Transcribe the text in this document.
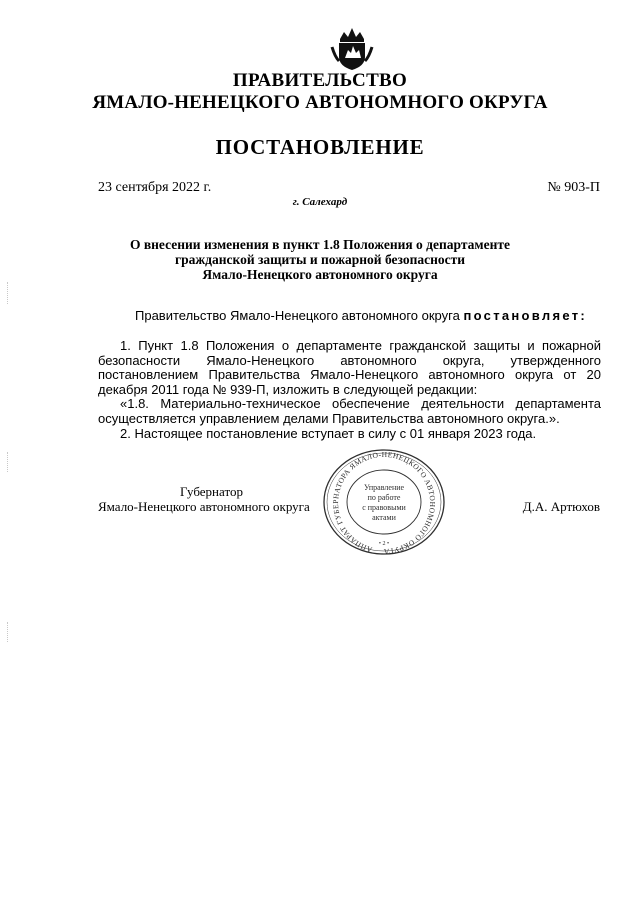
ПРАВИТЕЛЬСТВО
ЯМАЛО-НЕНЕЦКОГО АВТОНОМНОГО ОКРУГА
ПОСТАНОВЛЕНИЕ
23 сентября 2022 г.	№ 903-П
г. Салехард
О внесении изменения в пункт 1.8 Положения о департаменте
гражданской защиты и пожарной безопасности
Ямало-Ненецкого автономного округа
Правительство Ямало-Ненецкого автономного округа постановляет:

1. Пункт 1.8 Положения о департаменте гражданской защиты и пожарной безопасности Ямало-Ненецкого автономного округа, утвержденного постановлением Правительства Ямало-Ненецкого автономного округа от 20 декабря 2011 года № 939-П, изложить в следующей редакции:

«1.8. Материально-техническое обеспечение деятельности департамента осуществляется управлением делами Правительства автономного округа.».

2. Настоящее постановление вступает в силу с 01 января 2023 года.

АППАРАТ ГУБЕРНАТОРА ЯМАЛО-НЕНЕЦКОГО АВТОНОМНОГО ОКРУГА
Управление
по работе
с правовыми
актами
• 2 •
Губернатор
Ямало-Ненецкого автономного округа	Д.А. Артюхов
